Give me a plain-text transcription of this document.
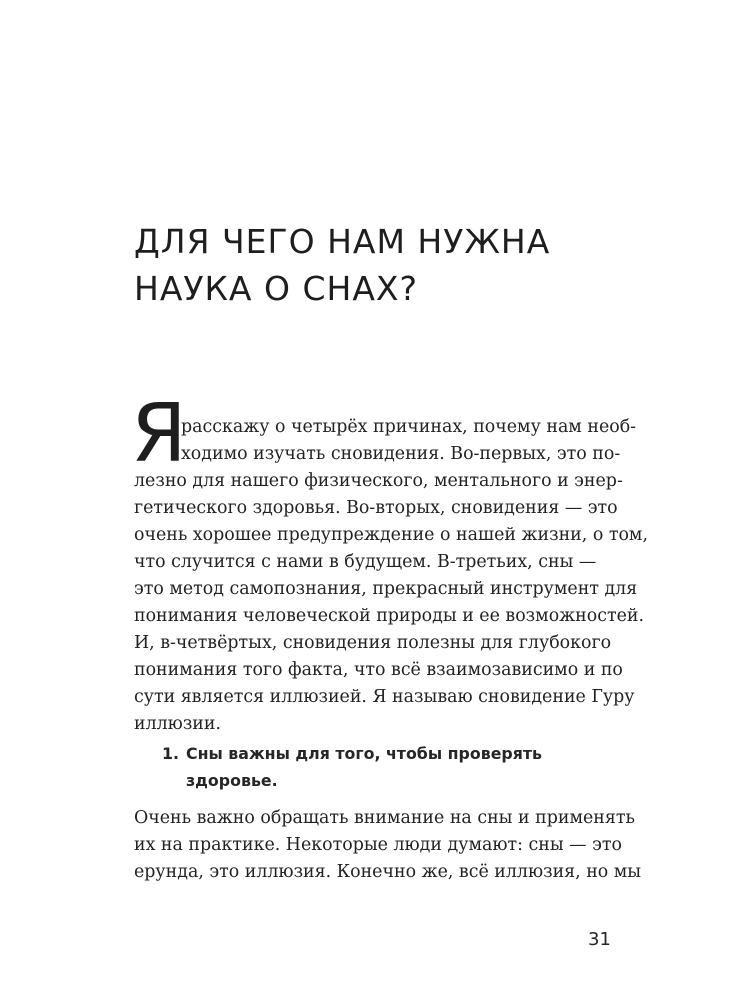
ДЛЯ ЧЕГО НАМ НУЖНА
НАУКА О СНАХ?
Я
расскажу о четырёх причинах, почему нам необ-
ходимо изучать сновидения. Во-первых, это по-
лезно для нашего физического, ментального и энер-
гетического здоровья. Во-вторых, сновидения — это
очень хорошее предупреждение о нашей жизни, о том,
что случится с нами в будущем. В-третьих, сны —
это метод самопознания, прекрасный инструмент для
понимания человеческой природы и ее возможностей.
И, в-четвёртых, сновидения полезны для глубокого
понимания того факта, что всё взаимозависимо и по
сути является иллюзией. Я называю сновидение Гуру
иллюзии.
1. Сны важны для того, чтобы проверять
здоровье.
Очень важно обращать внимание на сны и применять
их на практике. Некоторые люди думают: сны — это
ерунда, это иллюзия. Конечно же, всё иллюзия, но мы
31
